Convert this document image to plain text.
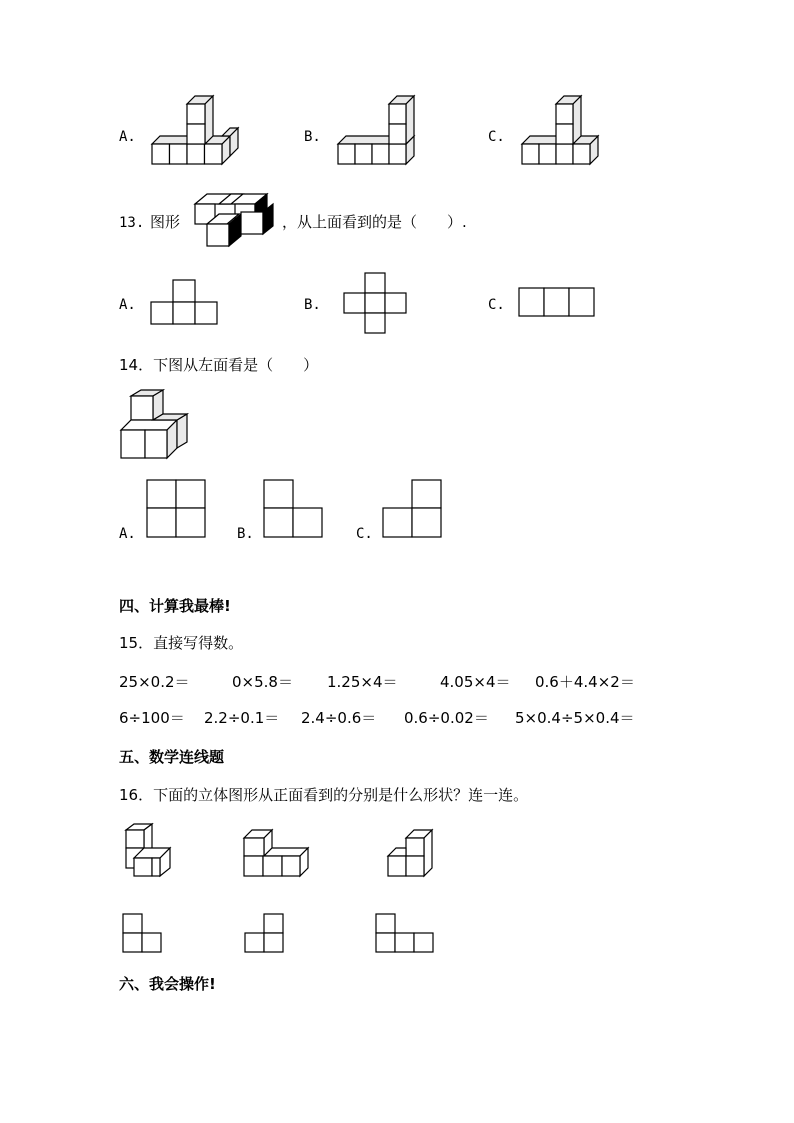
A.	B.	C.
13. 图形	，从上面看到的是（　　）.
A.	B.	C.
14．下图从左面看是（　　）
A.	B.	C.
四、计算我最棒!
15．直接写得数。
25×0.2＝	0×5.8＝ 1.25×4＝	4.05×4＝ 0.6＋4.4×2＝
6÷100＝ 2.2÷0.1＝ 2.4÷0.6＝ 0.6÷0.02＝ 5×0.4÷5×0.4＝
五、数学连线题
16．下面的立体图形从正面看到的分别是什么形状？连一连。
六、我会操作!
